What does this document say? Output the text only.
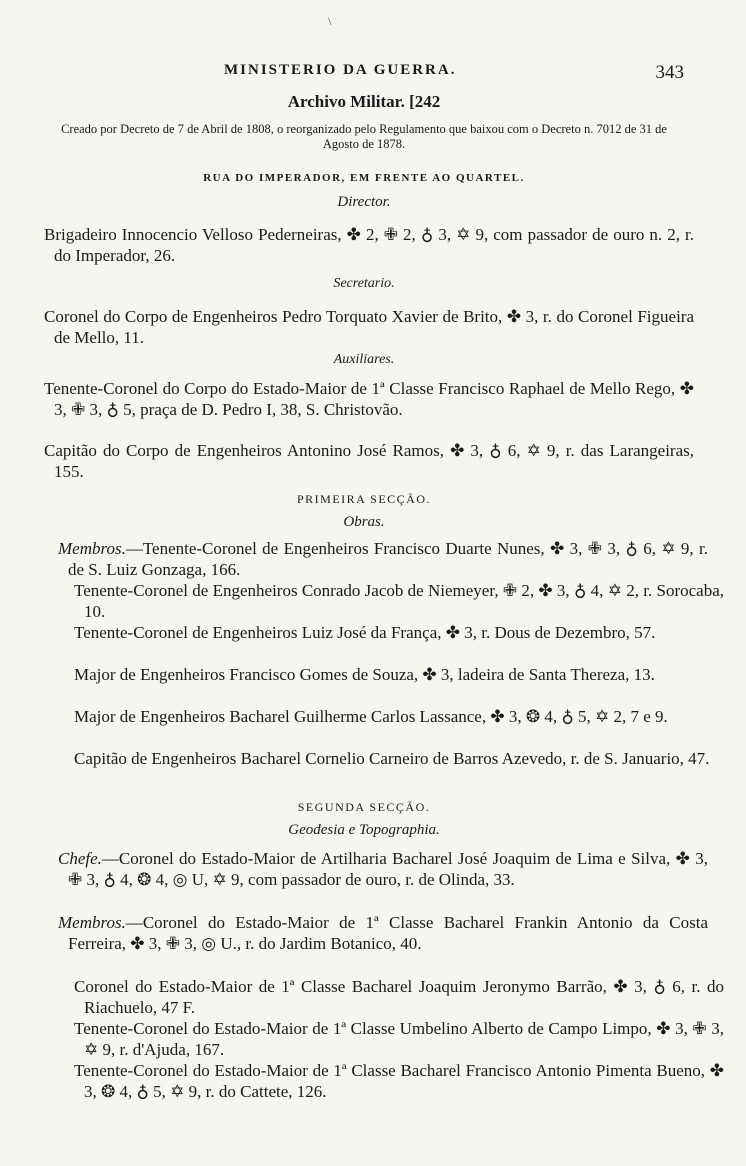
\
MINISTERIO DA GUERRA.	343

Archivo Militar. [242

Creado por Decreto de 7 de Abril de 1808, o reorganizado pelo Regulamento que baixou com o Decreto n. 7012 de 31 de Agosto de 1878.

RUA DO IMPERADOR, EM FRENTE AO QUARTEL.

Director.

Brigadeiro Innocencio Velloso Pederneiras, ✤ 2, ✙ 2, ♁ 3, ✡ 9, com passador de ouro n. 2, r. do Imperador, 26.

Secretario.

Coronel do Corpo de Engenheiros Pedro Torquato Xavier de Brito, ✤ 3, r. do Coronel Figueira de Mello, 11.

Auxiliares.

Tenente-Coronel do Corpo do Estado-Maior de 1ª Classe Francisco Raphael de Mello Rego, ✤ 3, ✙ 3, ♁ 5, praça de D. Pedro I, 38, S. Christovão.

Capitão do Corpo de Engenheiros Antonino José Ramos, ✤ 3, ♁ 6, ✡ 9, r. das Larangeiras, 155.

PRIMEIRA SECÇÃO.

Obras.

Membros.—Tenente-Coronel de Engenheiros Francisco Duarte Nunes, ✤ 3, ✙ 3, ♁ 6, ✡ 9, r. de S. Luiz Gonzaga, 166.

Tenente-Coronel de Engenheiros Conrado Jacob de Niemeyer, ✙ 2, ✤ 3, ♁ 4, ✡ 2, r. Sorocaba, 10.

Tenente-Coronel de Engenheiros Luiz José da França, ✤ 3, r. Dous de Dezembro, 57.

Major de Engenheiros Francisco Gomes de Souza, ✤ 3, ladeira de Santa Thereza, 13.

Major de Engenheiros Bacharel Guilherme Carlos Lassance, ✤ 3, ❂ 4, ♁ 5, ✡ 2, 7 e 9.

Capitão de Engenheiros Bacharel Cornelio Carneiro de Barros Azevedo, r. de S. Januario, 47.

SEGUNDA SECÇÃO.

Geodesia e Topographia.

Chefe.—Coronel do Estado-Maior de Artilharia Bacharel José Joaquim de Lima e Silva, ✤ 3, ✙ 3, ♁ 4, ❂ 4, ◎ U, ✡ 9, com passador de ouro, r. de Olinda, 33.

Membros.—Coronel do Estado-Maior de 1ª Classe Bacharel Frankin Antonio da Costa Ferreira, ✤ 3, ✙ 3, ◎ U., r. do Jardim Botanico, 40.

Coronel do Estado-Maior de 1ª Classe Bacharel Joaquim Jeronymo Barrão, ✤ 3, ♁ 6, r. do Riachuelo, 47 F.

Tenente-Coronel do Estado-Maior de 1ª Classe Umbelino Alberto de Campo Limpo, ✤ 3, ✙ 3, ✡ 9, r. d'Ajuda, 167.

Tenente-Coronel do Estado-Maior de 1ª Classe Bacharel Francisco Antonio Pimenta Bueno, ✤ 3, ❂ 4, ♁ 5, ✡ 9, r. do Cattete, 126.
